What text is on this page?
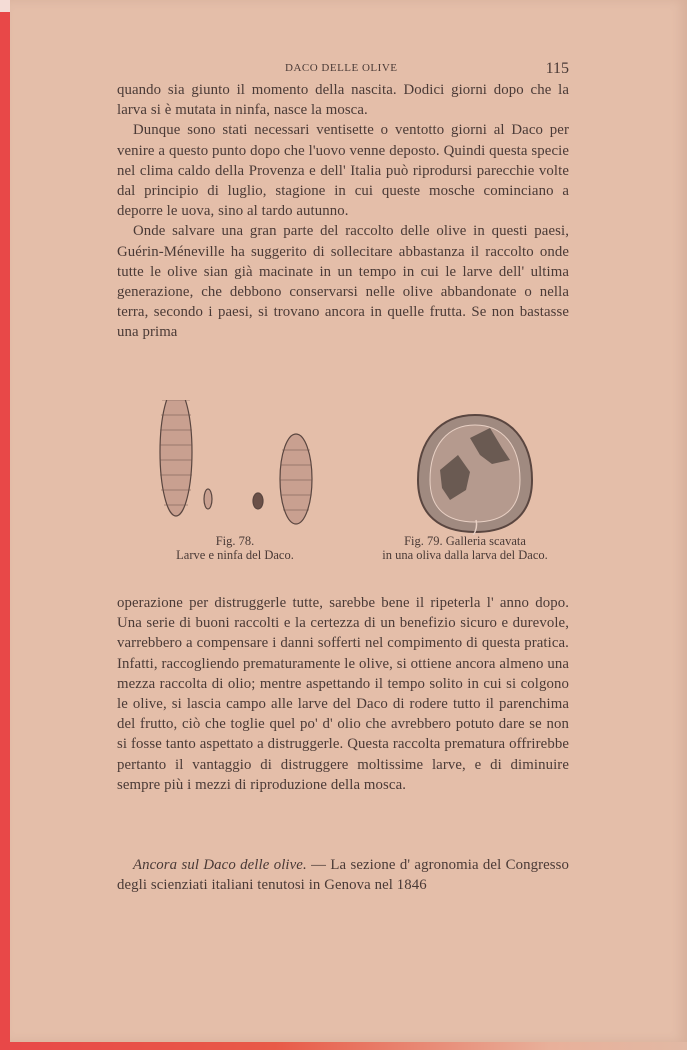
DACO DELLE OLIVE	115

quando sia giunto il momento della nascita. Dodici giorni dopo che la larva si è mutata in ninfa, nasce la mosca.

Dunque sono stati necessari ventisette o ventotto giorni al Daco per venire a questo punto dopo che l'uovo venne deposto. Quindi questa specie nel clima caldo della Provenza e dell' Italia può riprodursi parecchie volte dal principio di luglio, stagione in cui queste mosche cominciano a deporre le uova, sino al tardo autunno.

Onde salvare una gran parte del raccolto delle olive in questi paesi, Guérin-Méneville ha suggerito di sollecitare abbastanza il raccolto onde tutte le olive sian già macinate in un tempo in cui le larve dell' ultima generazione, che debbono conservarsi nelle olive abbandonate o nella terra, secondo i paesi, si trovano ancora in quelle frutta. Se non bastasse una prima

Fig. 78.
Larve e ninfa del Daco.
Fig. 79. Galleria scavata
in una oliva dalla larva del Daco.

operazione per distruggerle tutte, sarebbe bene il ripeterla l' anno dopo. Una serie di buoni raccolti e la certezza di un benefizio sicuro e durevole, varrebbero a compensare i danni sofferti nel compimento di questa pratica. Infatti, raccogliendo prematuramente le olive, si ottiene ancora almeno una mezza raccolta di olio; mentre aspettando il tempo solito in cui si colgono le olive, si lascia campo alle larve del Daco di rodere tutto il parenchima del frutto, ciò che toglie quel po' d' olio che avrebbero potuto dare se non si fosse tanto aspettato a distruggerle. Questa raccolta prematura offrirebbe pertanto il vantaggio di distruggere moltissime larve, e di diminuire sempre più i mezzi di riproduzione della mosca.

Ancora sul Daco delle olive. — La sezione d' agronomia del Congresso degli scienziati italiani tenutosi in Genova nel 1846
